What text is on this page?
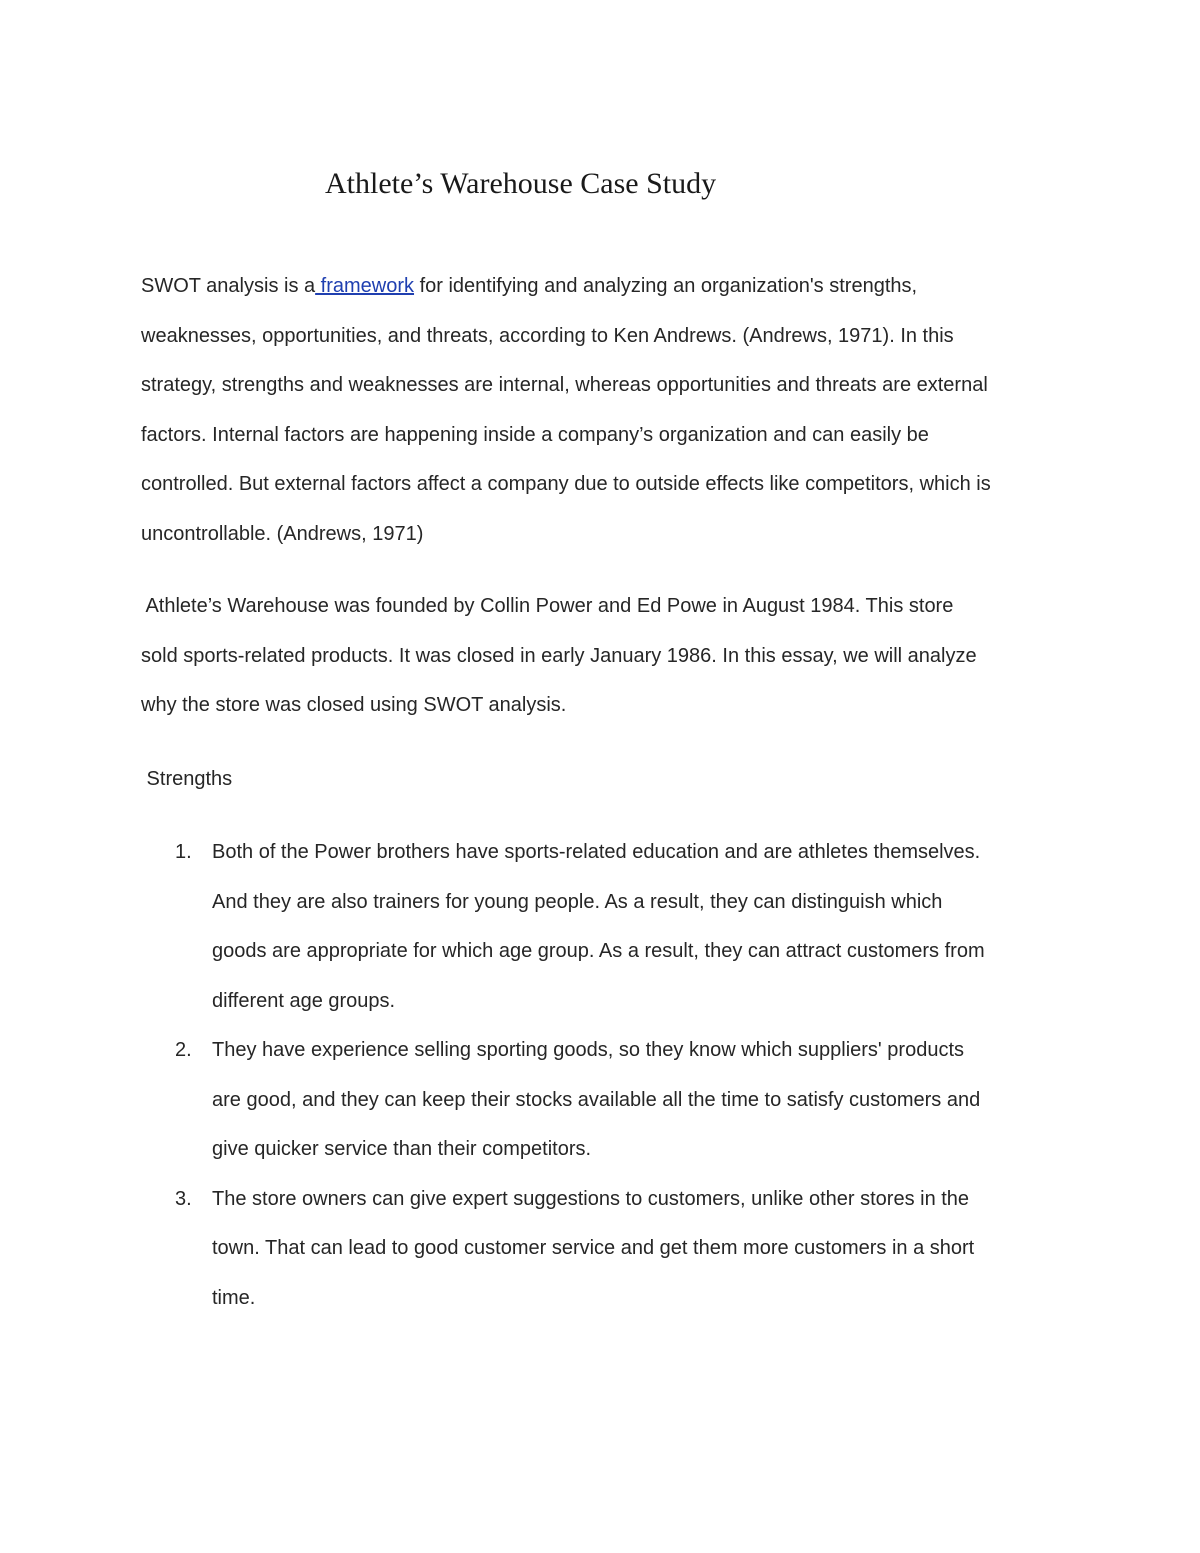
Athlete’s Warehouse Case Study

SWOT analysis is a framework for identifying and analyzing an organization's strengths,
weaknesses, opportunities, and threats, according to Ken Andrews. (Andrews, 1971). In this
strategy, strengths and weaknesses are internal, whereas opportunities and threats are external
factors. Internal factors are happening inside a company’s organization and can easily be
controlled. But external factors affect a company due to outside effects like competitors, which is
uncontrollable. (Andrews, 1971)

Athlete’s Warehouse was founded by Collin Power and Ed Powe in August 1984. This store
sold sports-related products. It was closed in early January 1986. In this essay, we will analyze
why the store was closed using SWOT analysis.

Strengths
1. Both of the Power brothers have sports-related education and are athletes themselves.
And they are also trainers for young people. As a result, they can distinguish which
goods are appropriate for which age group. As a result, they can attract customers from
different age groups.
2. They have experience selling sporting goods, so they know which suppliers' products
are good, and they can keep their stocks available all the time to satisfy customers and
give quicker service than their competitors.
3. The store owners can give expert suggestions to customers, unlike other stores in the
town. That can lead to good customer service and get them more customers in a short
time.
